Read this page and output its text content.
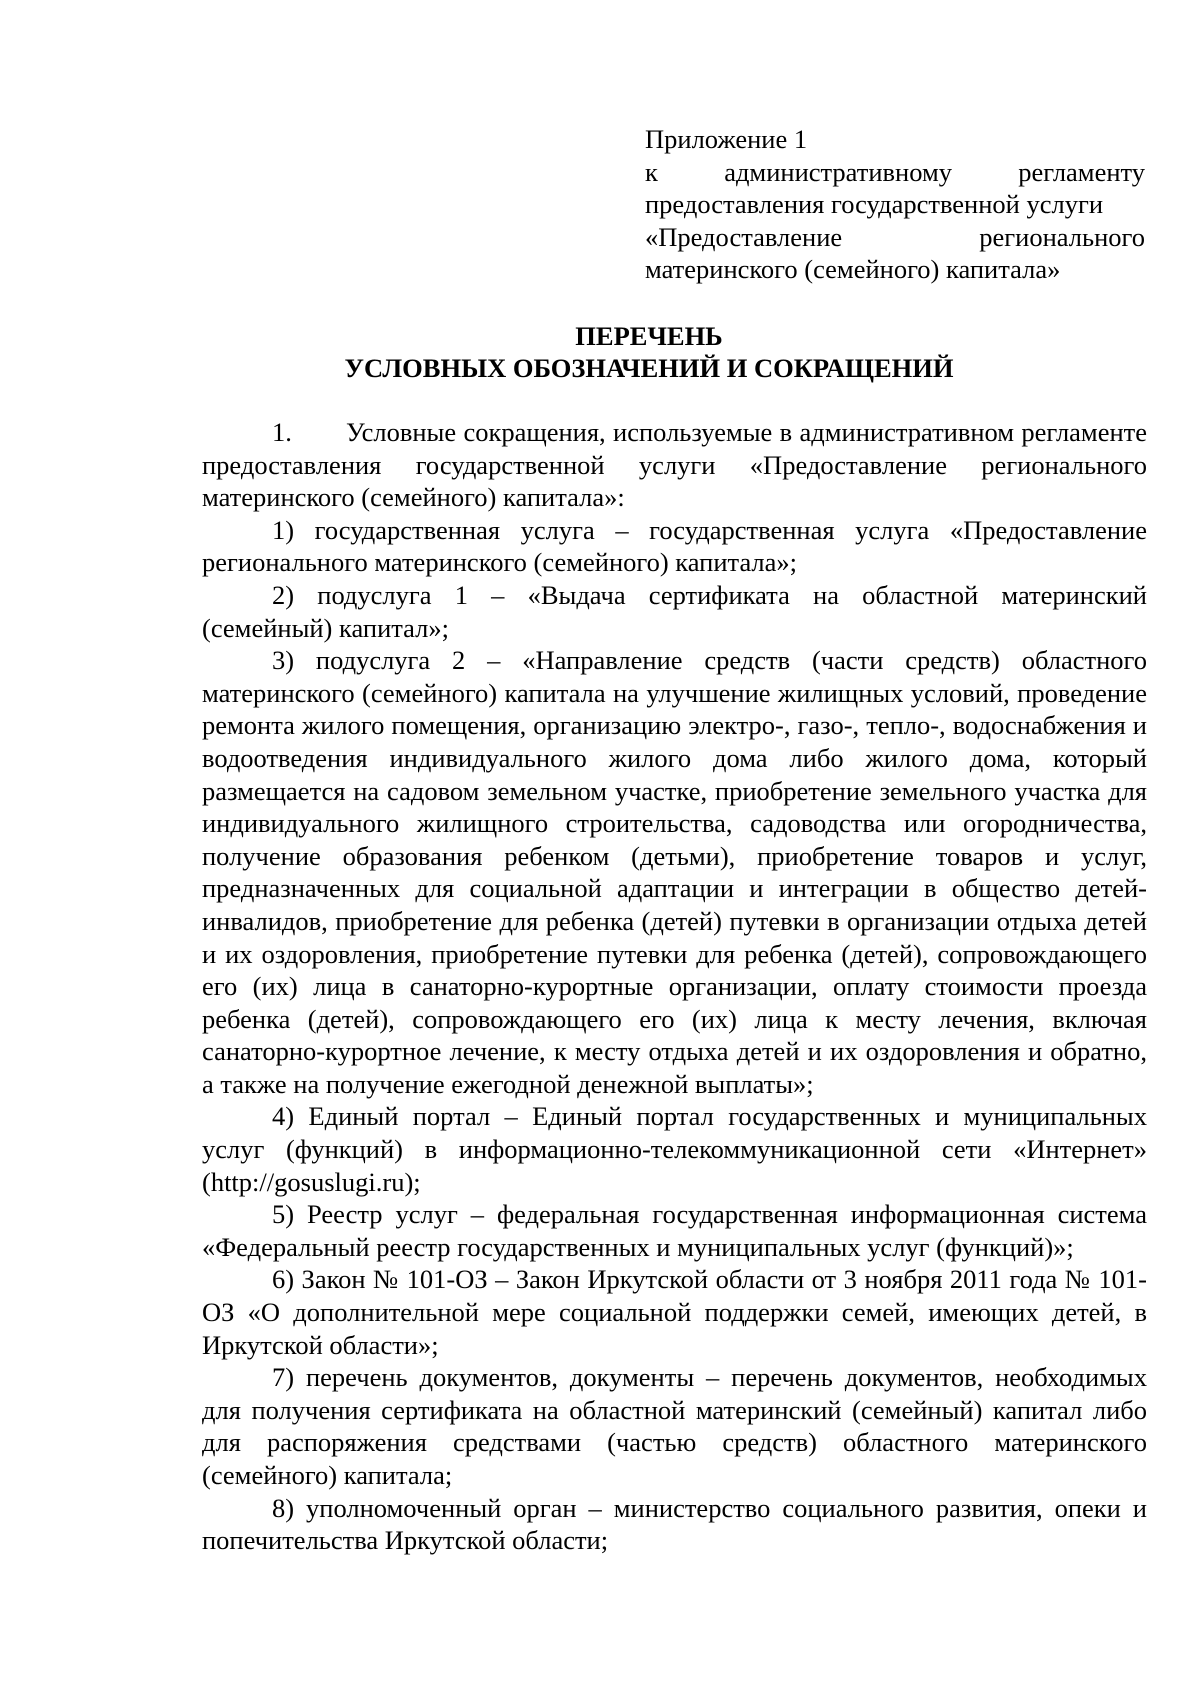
Приложение 1
к	административному	регламенту
предоставления государственной услуги
«Предоставление	регионального
материнского (семейного) капитала»
ПЕРЕЧЕНЬ
УСЛОВНЫХ ОБОЗНАЧЕНИЙ И СОКРАЩЕНИЙ

1. Условные сокращения, используемые в административном регламенте предоставления государственной услуги «Предоставление регионального материнского (семейного) капитала»:

1) государственная услуга – государственная услуга «Предоставление регионального материнского (семейного) капитала»;

2) подуслуга 1 – «Выдача сертификата на областной материнский (семейный) капитал»;

3) подуслуга 2 – «Направление средств (части средств) областного материнского (семейного) капитала на улучшение жилищных условий, проведение ремонта жилого помещения, организацию электро-, газо-, тепло-, водоснабжения и водоотведения индивидуального жилого дома либо жилого дома, который размещается на садовом земельном участке, приобретение земельного участка для индивидуального жилищного строительства, садоводства или огородничества, получение образования ребенком (детьми), приобретение товаров и услуг, предназначенных для социальной адаптации и интеграции в общество детей-инвалидов, приобретение для ребенка (детей) путевки в организации отдыха детей и их оздоровления, приобретение путевки для ребенка (детей), сопровождающего его (их) лица в санаторно-курортные организации, оплату стоимости проезда ребенка (детей), сопровождающего его (их) лица к месту лечения, включая санаторно-курортное лечение, к месту отдыха детей и их оздоровления и обратно, а также на получение ежегодной денежной выплаты»;

4) Единый портал – Единый портал государственных и муниципальных услуг (функций) в информационно-телекоммуникационной сети «Интернет» (http://gosuslugi.ru);

5) Реестр услуг – федеральная государственная информационная система «Федеральный реестр государственных и муниципальных услуг (функций)»;

6) Закон № 101-ОЗ – Закон Иркутской области от 3 ноября 2011 года № 101-ОЗ «О дополнительной мере социальной поддержки семей, имеющих детей, в Иркутской области»;

7) перечень документов, документы – перечень документов, необходимых для получения сертификата на областной материнский (семейный) капитал либо для распоряжения средствами (частью средств) областного материнского (семейного) капитала;

8) уполномоченный орган – министерство социального развития, опеки и попечительства Иркутской области;
